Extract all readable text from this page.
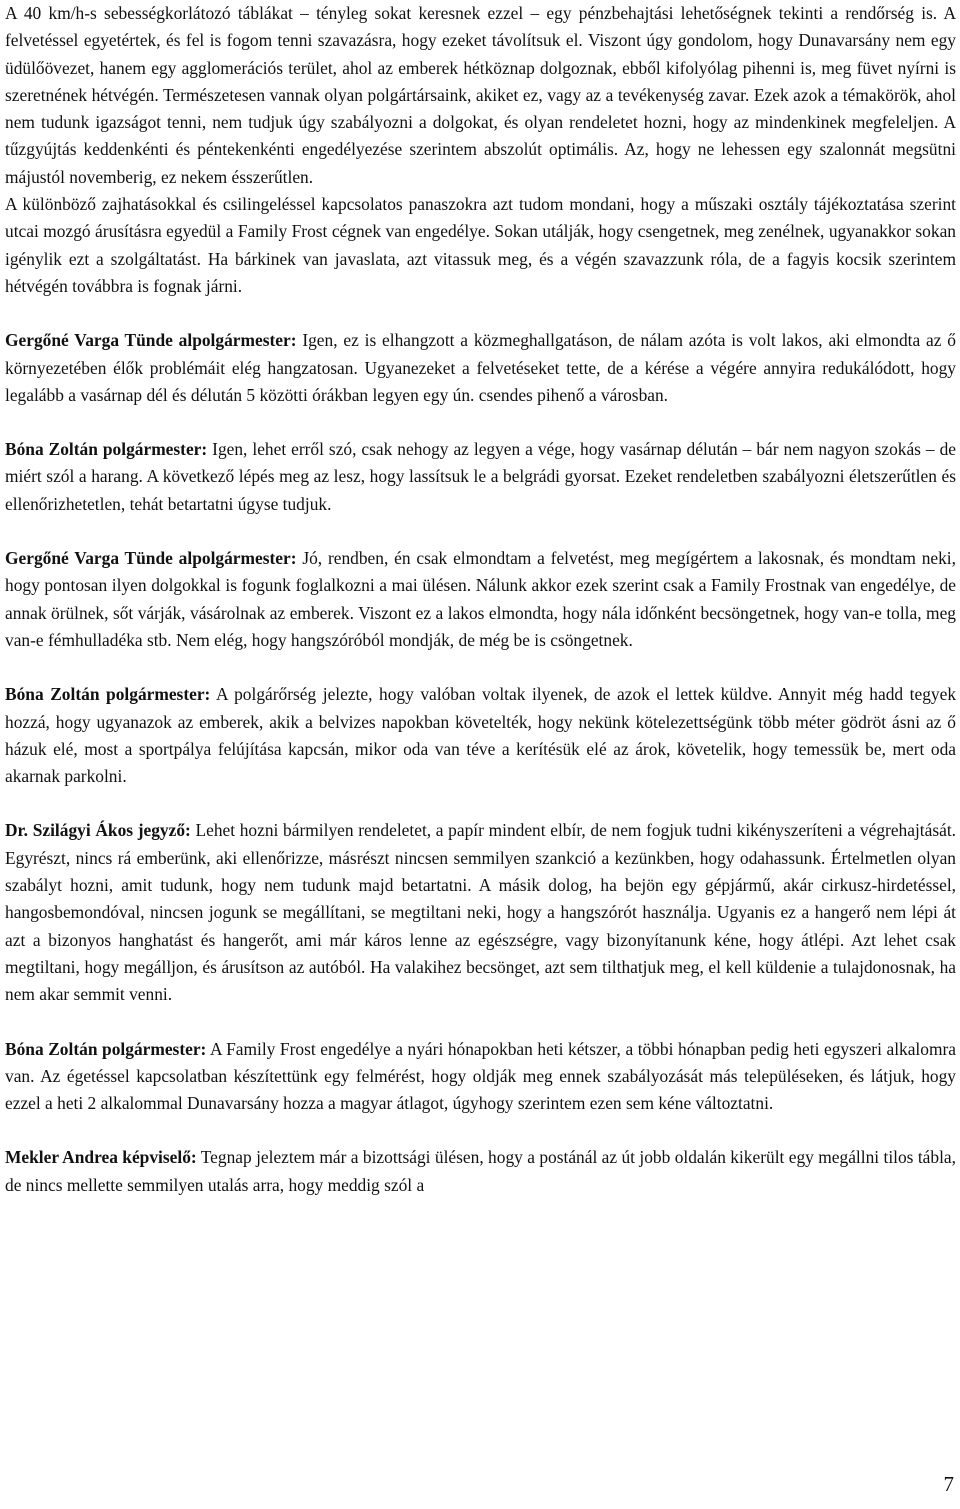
A 40 km/h-s sebességkorlátozó táblákat – tényleg sokat keresnek ezzel – egy pénzbehajtási lehetőségnek tekinti a rendőrség is. A felvetéssel egyetértek, és fel is fogom tenni szavazásra, hogy ezeket távolítsuk el. Viszont úgy gondolom, hogy Dunavarsány nem egy üdülőövezet, hanem egy agglomerációs terület, ahol az emberek hétköznap dolgoznak, ebből kifolyólag pihenni is, meg füvet nyírni is szeretnének hétvégén. Természetesen vannak olyan polgártársaink, akiket ez, vagy az a tevékenység zavar. Ezek azok a témakörök, ahol nem tudunk igazságot tenni, nem tudjuk úgy szabályozni a dolgokat, és olyan rendeletet hozni, hogy az mindenkinek megfeleljen. A tűzgyújtás keddenkénti és péntekenkénti engedélyezése szerintem abszolút optimális. Az, hogy ne lehessen egy szalonnát megsütni májustól novemberig, ez nekem ésszerűtlen.

A különböző zajhatásokkal és csilingeléssel kapcsolatos panaszokra azt tudom mondani, hogy a műszaki osztály tájékoztatása szerint utcai mozgó árusításra egyedül a Family Frost cégnek van engedélye. Sokan utálják, hogy csengetnek, meg zenélnek, ugyanakkor sokan igénylik ezt a szolgáltatást. Ha bárkinek van javaslata, azt vitassuk meg, és a végén szavazzunk róla, de a fagyis kocsik szerintem hétvégén továbbra is fognak járni.

Gergőné Varga Tünde alpolgármester: Igen, ez is elhangzott a közmeghallgatáson, de nálam azóta is volt lakos, aki elmondta az ő környezetében élők problémáit elég hangzatosan. Ugyanezeket a felvetéseket tette, de a kérése a végére annyira redukálódott, hogy legalább a vasárnap dél és délután 5 közötti órákban legyen egy ún. csendes pihenő a városban.

Bóna Zoltán polgármester: Igen, lehet erről szó, csak nehogy az legyen a vége, hogy vasárnap délután – bár nem nagyon szokás – de miért szól a harang. A következő lépés meg az lesz, hogy lassítsuk le a belgrádi gyorsat. Ezeket rendeletben szabályozni életszerűtlen és ellenőrizhetetlen, tehát betartatni úgyse tudjuk.

Gergőné Varga Tünde alpolgármester: Jó, rendben, én csak elmondtam a felvetést, meg megígértem a lakosnak, és mondtam neki, hogy pontosan ilyen dolgokkal is fogunk foglalkozni a mai ülésen. Nálunk akkor ezek szerint csak a Family Frostnak van engedélye, de annak örülnek, sőt várják, vásárolnak az emberek. Viszont ez a lakos elmondta, hogy nála időnként becsöngetnek, hogy van-e tolla, meg van-e fémhulladéka stb. Nem elég, hogy hangszóróból mondják, de még be is csöngetnek.

Bóna Zoltán polgármester: A polgárőrség jelezte, hogy valóban voltak ilyenek, de azok el lettek küldve. Annyit még hadd tegyek hozzá, hogy ugyanazok az emberek, akik a belvizes napokban követelték, hogy nekünk kötelezettségünk több méter gödröt ásni az ő házuk elé, most a sportpálya felújítása kapcsán, mikor oda van téve a kerítésük elé az árok, követelik, hogy temessük be, mert oda akarnak parkolni.

Dr. Szilágyi Ákos jegyző: Lehet hozni bármilyen rendeletet, a papír mindent elbír, de nem fogjuk tudni kikényszeríteni a végrehajtását. Egyrészt, nincs rá emberünk, aki ellenőrizze, másrészt nincsen semmilyen szankció a kezünkben, hogy odahassunk. Értelmetlen olyan szabályt hozni, amit tudunk, hogy nem tudunk majd betartatni. A másik dolog, ha bejön egy gépjármű, akár cirkusz-hirdetéssel, hangosbemondóval, nincsen jogunk se megállítani, se megtiltani neki, hogy a hangszórót használja. Ugyanis ez a hangerő nem lépi át azt a bizonyos hanghatást és hangerőt, ami már káros lenne az egészségre, vagy bizonyítanunk kéne, hogy átlépi. Azt lehet csak megtiltani, hogy megálljon, és árusítson az autóból. Ha valakihez becsönget, azt sem tilthatjuk meg, el kell küldenie a tulajdonosnak, ha nem akar semmit venni.

Bóna Zoltán polgármester: A Family Frost engedélye a nyári hónapokban heti kétszer, a többi hónapban pedig heti egyszeri alkalomra van. Az égetéssel kapcsolatban készítettünk egy felmérést, hogy oldják meg ennek szabályozását más településeken, és látjuk, hogy ezzel a heti 2 alkalommal Dunavarsány hozza a magyar átlagot, úgyhogy szerintem ezen sem kéne változtatni.

Mekler Andrea képviselő: Tegnap jeleztem már a bizottsági ülésen, hogy a postánál az út jobb oldalán kikerült egy megállni tilos tábla, de nincs mellette semmilyen utalás arra, hogy meddig szól a

7
